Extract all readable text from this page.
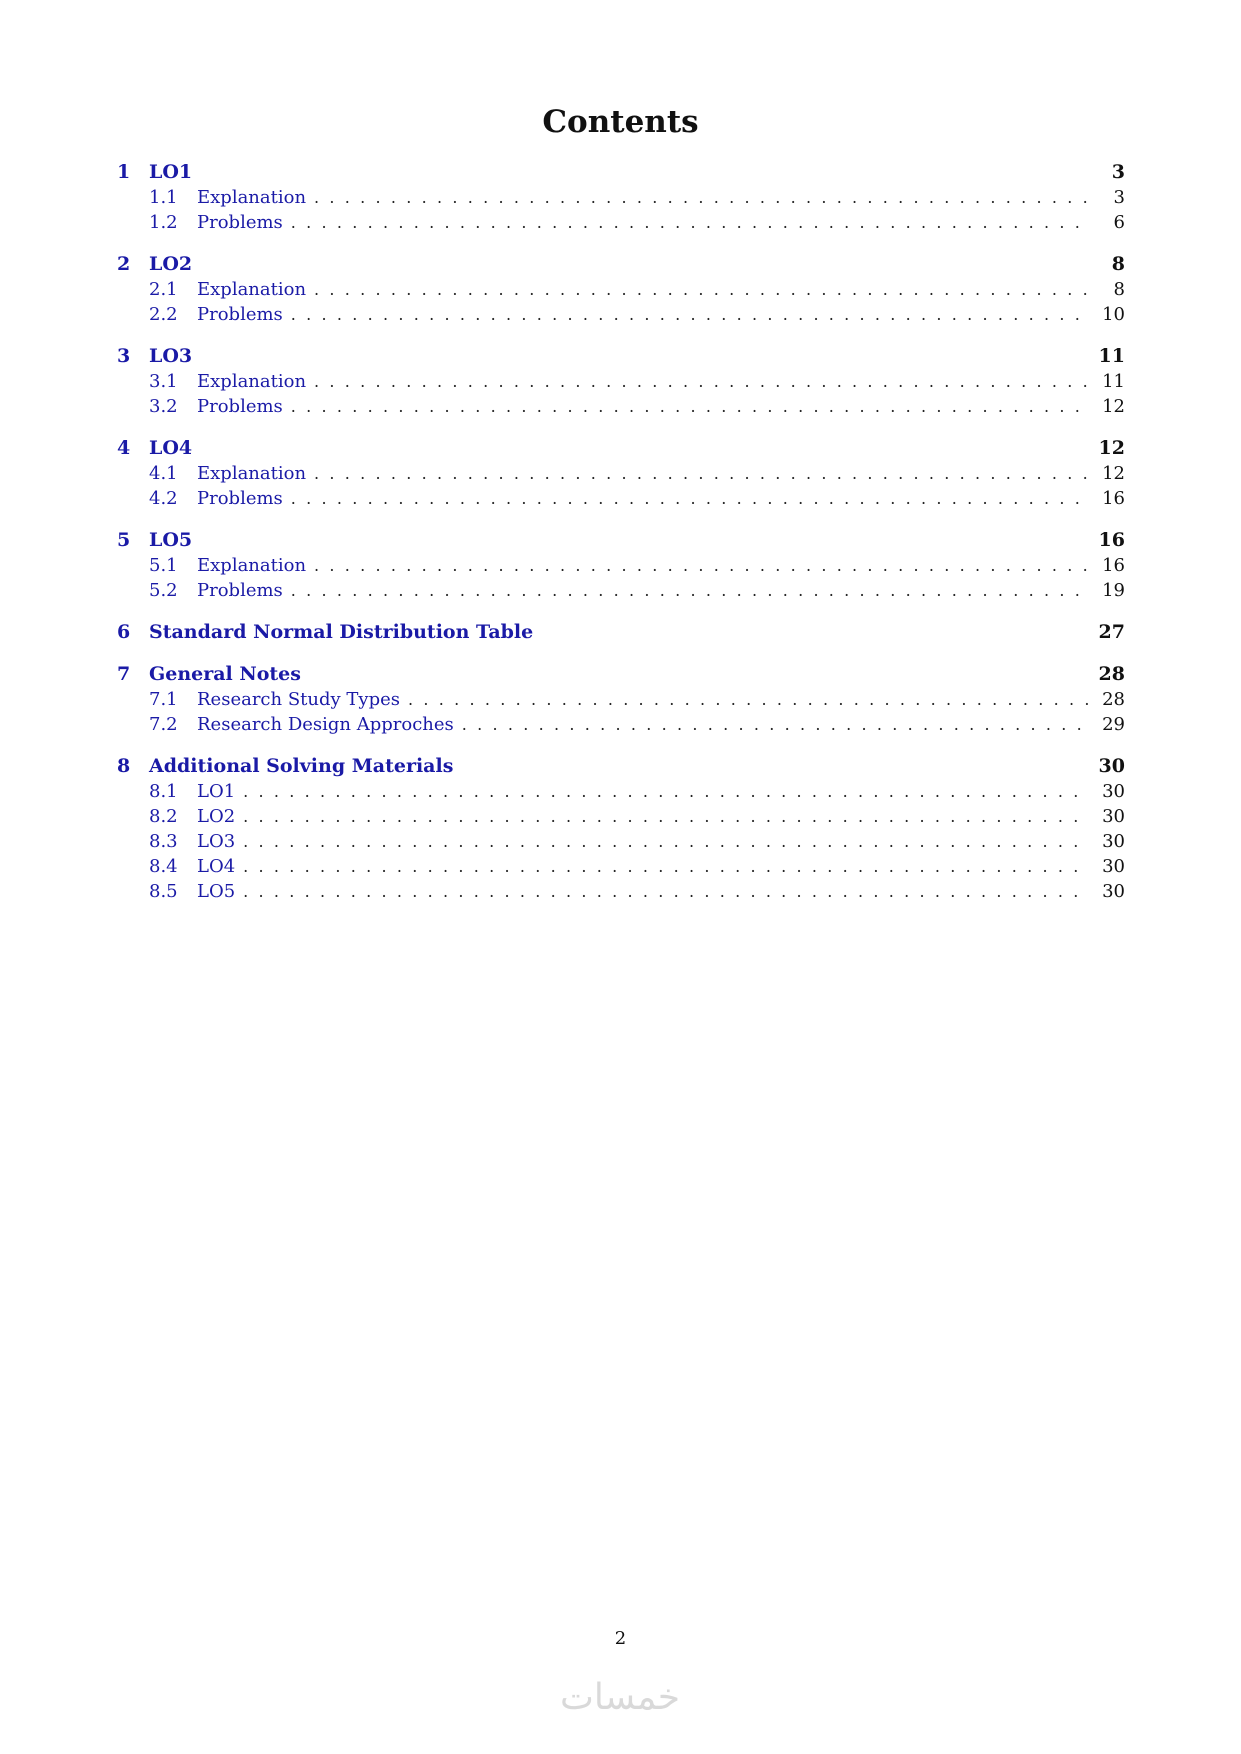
Contents
1 LO1	3
1.1	Explanation . . .	3
1.2	Problems . . .	6
2 LO2	8
2.1	Explanation . . .	8
2.2	Problems . . .	10
3 LO3	11
3.1	Explanation . . .	11
3.2	Problems . . .	12
4 LO4	12
4.1	Explanation . . .	12
4.2	Problems . . .	16
5 LO5	16
5.1	Explanation . . .	16
5.2	Problems . . .	19
6 Standard Normal Distribution Table	27
7 General Notes	28
7.1	Research Study Types . . .	28
7.2	Research Design Approches . . .	29
8 Additional Solving Materials	30
8.1	LO1 . . .	30
8.2	LO2 . . .	30
8.3	LO3 . . .	30
8.4	LO4 . . .	30
8.5	LO5 . . .	30
2
خمسات
